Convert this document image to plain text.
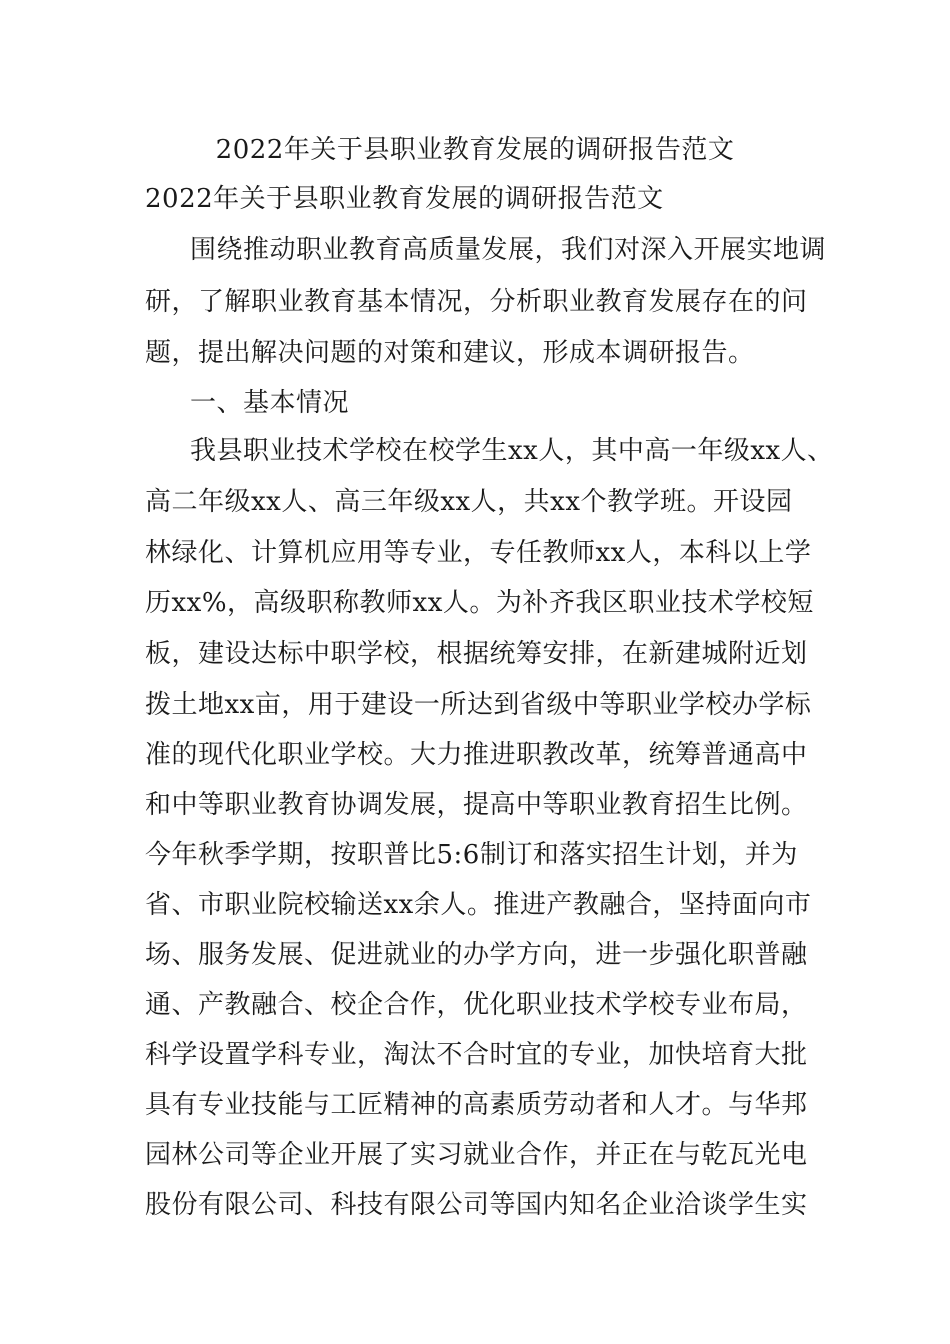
2022年关于县职业教育发展的调研报告范文
2022年关于县职业教育发展的调研报告范文
围绕推动职业教育高质量发展，我们对深入开展实地调
研，了解职业教育基本情况，分析职业教育发展存在的问
题，提出解决问题的对策和建议，形成本调研报告。
一、基本情况
我县职业技术学校在校学生xx人，其中高一年级xx人、
高二年级xx人、高三年级xx人，共xx个教学班。开设园
林绿化、计算机应用等专业，专任教师xx人，本科以上学
历xx%，高级职称教师xx人。为补齐我区职业技术学校短
板，建设达标中职学校，根据统筹安排，在新建城附近划
拨土地xx亩，用于建设一所达到省级中等职业学校办学标
准的现代化职业学校。大力推进职教改革，统筹普通高中
和中等职业教育协调发展，提高中等职业教育招生比例。
今年秋季学期，按职普比5:6制订和落实招生计划，并为
省、市职业院校输送xx余人。推进产教融合，坚持面向市
场、服务发展、促进就业的办学方向，进一步强化职普融
通、产教融合、校企合作，优化职业技术学校专业布局，
科学设置学科专业，淘汰不合时宜的专业，加快培育大批
具有专业技能与工匠精神的高素质劳动者和人才。与华邦
园林公司等企业开展了实习就业合作，并正在与乾瓦光电
股份有限公司、科技有限公司等国内知名企业洽谈学生实
